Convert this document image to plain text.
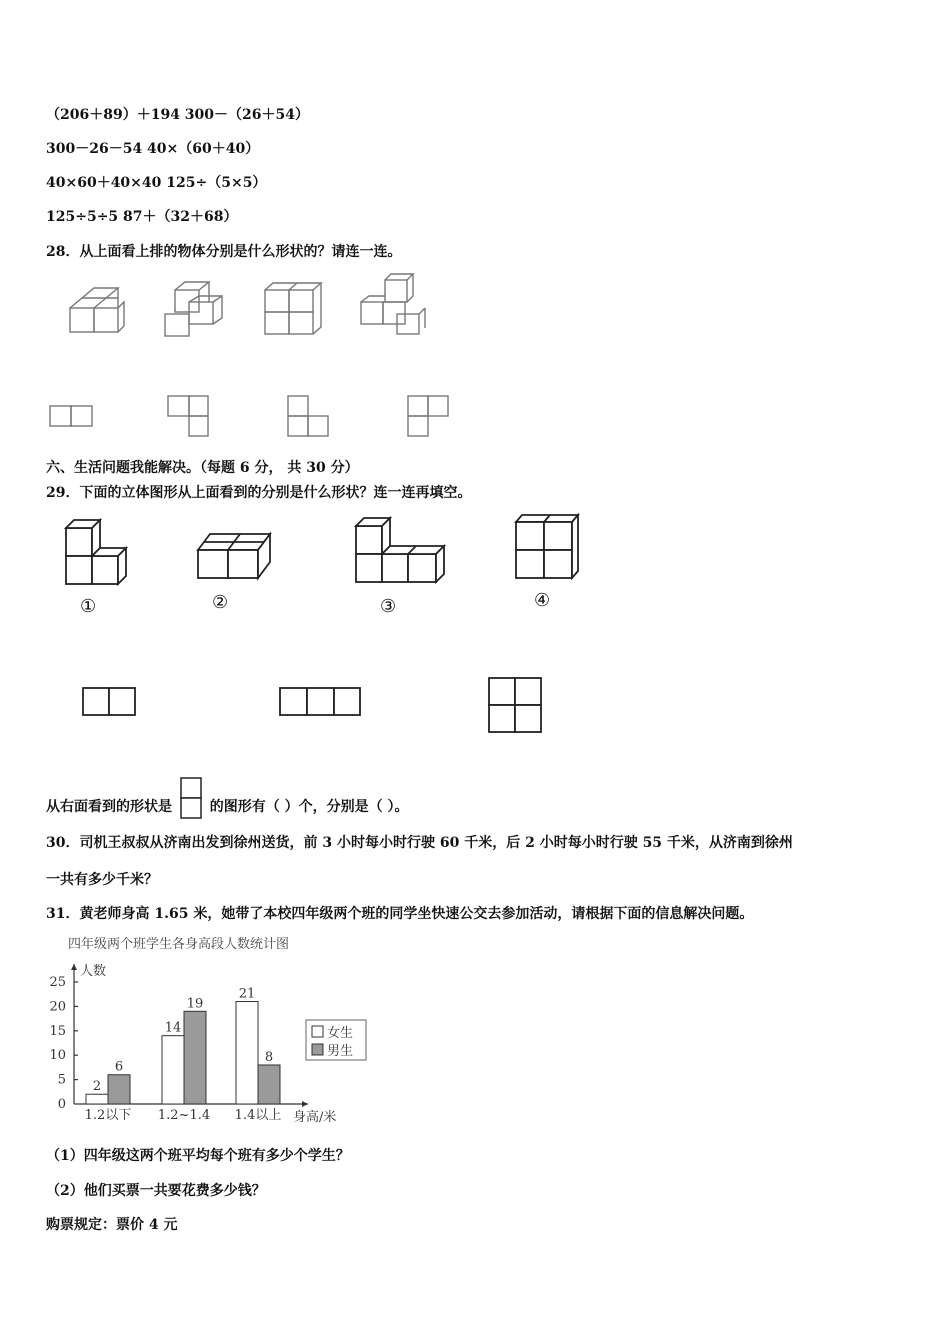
（206＋89）＋194 300－（26＋54）
300－26－54 40×（60＋40）
40×60＋40×40 125÷（5×5）
125÷5÷5 87＋（32＋68）
28．从上面看上排的物体分别是什么形状的？请连一连。
六、生活问题我能解决。（每题 6 分， 共 30 分）
29．下面的立体图形从上面看到的分别是什么形状？连一连再填空。
①	②	③	④
从右面看到的形状是	的图形有（ ）个，分别是（ ）。
30．司机王叔叔从济南出发到徐州送货，前 3 小时每小时行驶 60 千米，后 2 小时每小时行驶 55 千米，从济南到徐州
一共有多少千米？
31．黄老师身高 1.65 米，她带了本校四年级两个班的同学坐快速公交去参加活动，请根据下面的信息解决问题。
四年级两个班学生各身高段人数统计图
人数
身高/米
0
5
10
15
20
25
2
6
1.2以下
14
19
1.2~1.4
21
8
1.4以上
女生
男生
（1）四年级这两个班平均每个班有多少个学生？
（2）他们买票一共要花费多少钱？
购票规定：票价 4 元
